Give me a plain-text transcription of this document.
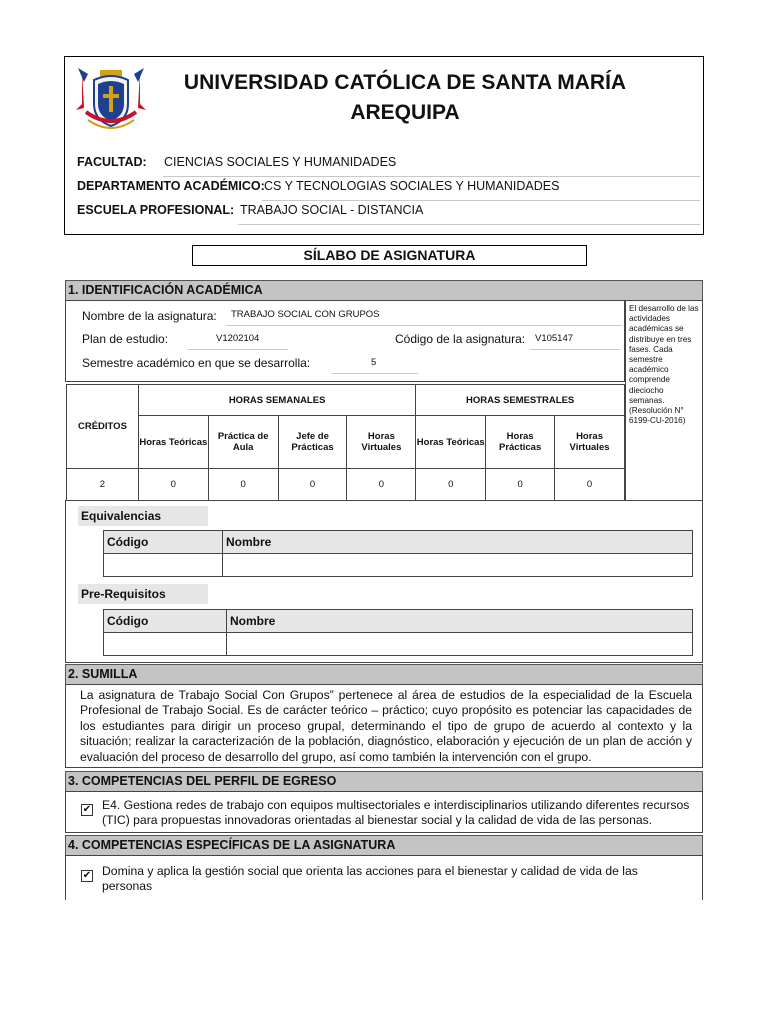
UNIVERSIDAD CATÓLICA DE SANTA MARÍA
AREQUIPA
FACULTAD: CIENCIAS SOCIALES Y HUMANIDADES
DEPARTAMENTO ACADÉMICO: CS Y TECNOLOGIAS SOCIALES Y HUMANIDADES
ESCUELA PROFESIONAL: TRABAJO SOCIAL - DISTANCIA
SÍLABO DE ASIGNATURA
1. IDENTIFICACIÓN ACADÉMICA
El desarrollo de las actividades académicas se distribuye en tres fases. Cada semestre académico comprende dieciocho semanas. (Resolución N° 6199-CU-2016)
Nombre de la asignatura: TRABAJO SOCIAL CON GRUPOS
Plan de estudio:	V1202104	Código de la asignatura: V105147
Semestre académico en que se desarrolla:	5
CRÉDITOS	HORAS SEMANALES				HORAS SEMESTRALES		
	Horas Teóricas	Práctica de Aula	Jefe de Prácticas	Horas Virtuales	Horas Teóricas	Horas Prácticas	Horas Virtuales
2	0	0	0	0	0	0	0
Equivalencias
Código	Nombre

Pre-Requisitos
Código	Nombre

2. SUMILLA
La asignatura de Trabajo Social Con Grupos” pertenece al área de estudios de la especialidad de la Escuela Profesional de Trabajo Social. Es de carácter teórico – práctico; cuyo propósito es potenciar las capacidades de los estudiantes para dirigir un proceso grupal, determinando el tipo de grupo de acuerdo al contexto y la situación; realizar la caracterización de la población, diagnóstico, elaboración y ejecución de un plan de acción y evaluación del proceso de desarrollo del grupo, así como también la intervención con el grupo.
3. COMPETENCIAS DEL PERFIL DE EGRESO
✔ E4. Gestiona redes de trabajo con equipos multisectoriales e interdisciplinarios utilizando diferentes recursos (TIC) para propuestas innovadoras orientadas al bienestar social y la calidad de vida de las personas.
4. COMPETENCIAS ESPECÍFICAS DE LA ASIGNATURA
✔ Domina y aplica la gestión social que orienta las acciones para el bienestar y calidad de vida de las personas
